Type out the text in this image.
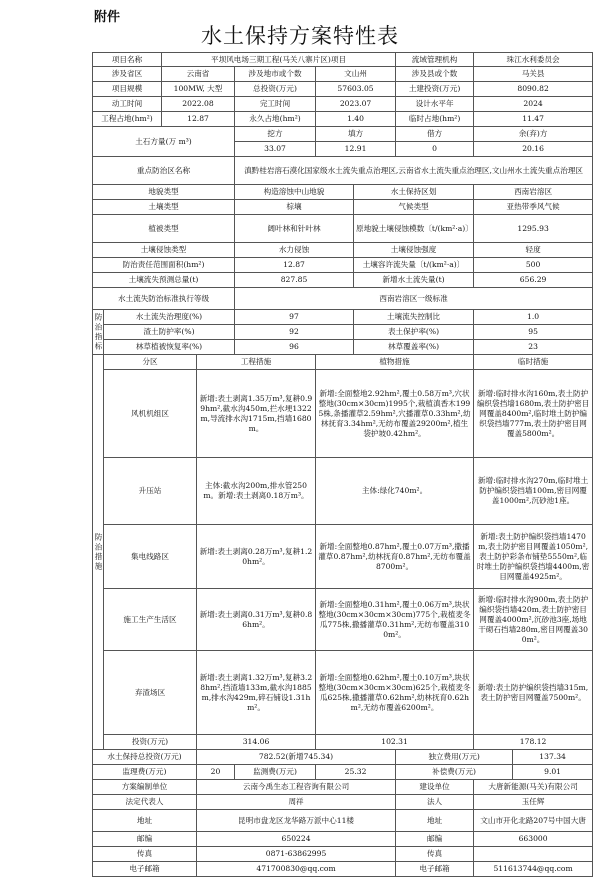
附件
水土保持方案特性表
项目名称		平坝风电场三期工程(马关八寨片区)项目					流域管理机构	珠江水利委员会	
涉及省区		云南省		涉及地市或个数	文山州		涉及县或个数	马关县	
项目规模		100MW, 大型		总投资(万元)	57603.05		土建投资(万元)	8090.82	
动工时间		2022.08		完工时间	2023.07		设计水平年	2024	
工程占地(hm²)		12.87		永久占地(hm²)	1.40		临时占地(hm²)	11.47	
土石方量(万 m³)				挖方	填方		借方	余(弃)方	
				33.07	12.91		0	20.16	
重点防治区名称				滇黔桂岩溶石漠化国家级水土流失重点治理区,云南省水土流失重点治理区,文山州水土流失重点治理区					
地貌类型				构造溶蚀中山地貌		水土保持区划		西南岩溶区	
土壤类型				棕壤		气候类型		亚热带季风气候	
植被类型				阔叶林和针叶林		原地貌土壤侵蚀模数〔t/(km²·a)〕		1295.93	
土壤侵蚀类型				水力侵蚀		土壤侵蚀强度		轻度	
防治责任范围面积(hm²)				12.87		土壤容许流失量〔t/(km²·a)〕		500	
土壤流失预测总量(t)				827.85		新增水土流失量(t)		656.29	
水土流失防治标准执行等级				西南岩溶区一级标准					
防治指标	水土流失治理度(%)			97		土壤流失控制比		1.0	
	渣土防护率(%)			92		表土保护率(%)		95	
	林草植被恢复率(%)			96		林草覆盖率(%)		23	
防治措施	分区		工程措施		植物措施			临时措施	
	风机机组区		新增:表土剥离1.35万m³,复耕0.99hm²,截水沟450m,拦水埂1322m,导流排水沟1715m,挡墙1680m。		新增:全面整地2.92hm²,覆土0.58万m³,穴状整地(30cm×30cm)1995个,栽植滇香木1995株,条播灌草2.59hm²,穴播灌草0.33hm²,幼林抚育3.34hm²,无纺布覆盖29200m²,植生袋护坡0.42hm²。			新增:临时排水沟160m,表土防护编织袋挡墙1680m,表土防护密目网覆盖8400m²,临时堆土防护编织袋挡墙777m,表土防护密目网覆盖5800m²。	
	升压站		主体:截水沟200m,排水管250m。新增:表土剥离0.18万m³。		主体:绿化740m²。			新增:临时排水沟270m,临时堆土防护编织袋挡墙100m,密目网覆盖1000m²,沉砂池1座。	
	集电线路区		新增:表土剥离0.28万m³,复耕1.20hm²。		新增:全面整地0.87hm²,覆土0.07万m³,撒播灌草0.87hm²,幼林抚育0.87hm²,无纺布覆盖8700m²。			新增:表土防护编织袋挡墙1470m,表土防护密目网覆盖1050m²,表土防护彩条布铺垫5550m²,临时堆土防护编织袋挡墙4400m,密目网覆盖4925m²。	
	施工生产生活区		新增:表土剥离0.31万m³,复耕0.86hm²。		新增:全面整地0.31hm²,覆土0.06万m³,块状整地(30cm×30cm×30cm)775个,栽植麦冬瓜775株,撒播灌草0.31hm²,无纺布覆盖3100m²。			新增:临时排水沟900m,表土防护编织袋挡墙420m,表土防护密目网覆盖4000m²,沉砂池3座,场地干砌石挡墙280m,密目网覆盖300m²。	
	弃渣场区		新增:表土剥离1.32万m³,复耕3.28hm²,挡渣墙133m,截水沟1885m,排水沟429m,碎石铺设1.31hm²。		新增:全面整地0.62hm²,覆土0.10万m³,块状整地(30cm×30cm×30cm)625个,栽植麦冬瓜625株,撒播灌草0.62hm²,幼林抚育0.62hm²,无纺布覆盖6200m²。			新增:表土防护编织袋挡墙315m,表土防护密目网覆盖7500m²。	
	投资(万元)		314.06		102.31			178.12	
水土保持总投资(万元)			782.52(新增745.34)				独立费用(万元)		137.34
监理费(万元)			20	监测费(万元)	25.32		补偿费(万元)		9.01
方案编制单位			云南今禹生态工程咨询有限公司				建设单位	大唐新能源(马关)有限公司	
法定代表人			周祥				法人	玉任辉	
地址			昆明市盘龙区龙华路万派中心11楼				地址	文山市开化北路207号中国大唐	
邮编			650224				邮编	663000	
传真			0871-63862995				传真		
电子邮箱			471700830@qq.com				电子邮箱	511613744@qq.com	
